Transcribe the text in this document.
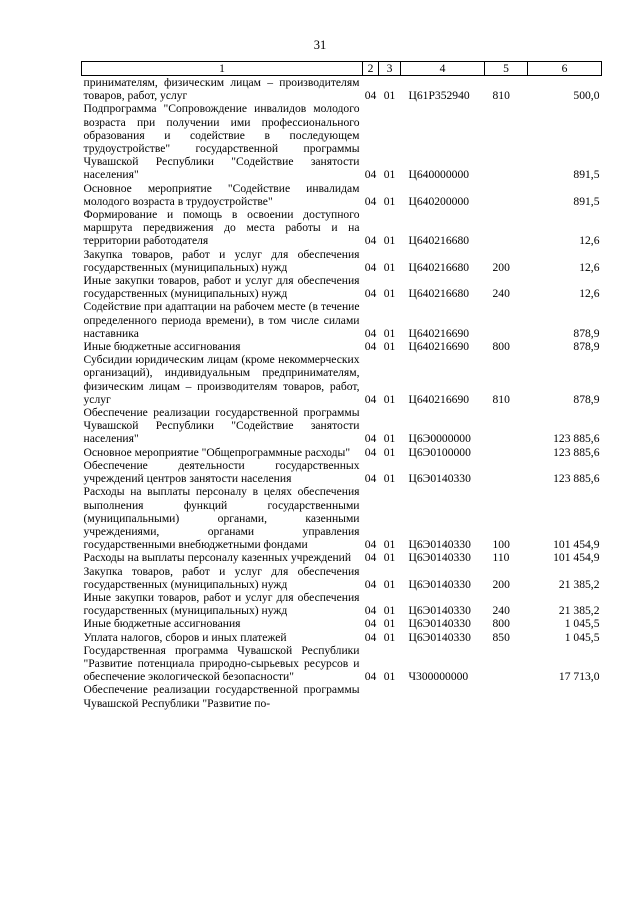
31
1	2	3	4	5	6
принимателям, физическим лицам – производителям товаров, работ, услуг	04	01	Ц61Р352940	810	500,0
Подпрограмма "Сопровождение инвалидов молодого возраста при получении ими профессионального образования и содействие в последующем трудоустройстве" государственной программы Чувашской Республики "Содействие занятости населения"	04	01	Ц640000000		891,5
Основное мероприятие "Содействие инвалидам молодого возраста в трудоустройстве"	04	01	Ц640200000		891,5
Формирование и помощь в освоении доступного маршрута передвижения до места работы и на территории работодателя	04	01	Ц640216680		12,6
Закупка товаров, работ и услуг для обеспечения государственных (муниципальных) нужд	04	01	Ц640216680	200	12,6
Иные закупки товаров, работ и услуг для обеспечения государственных (муниципальных) нужд	04	01	Ц640216680	240	12,6
Содействие при адаптации на рабочем месте (в течение определенного периода времени), в том числе силами наставника	04	01	Ц640216690		878,9
Иные бюджетные ассигнования	04	01	Ц640216690	800	878,9
Субсидии юридическим лицам (кроме некоммерческих организаций), индивидуальным предпринимателям, физическим лицам – производителям товаров, работ, услуг	04	01	Ц640216690	810	878,9
Обеспечение реализации государственной программы Чувашской Республики "Содействие занятости населения"	04	01	Ц6Э0000000		123 885,6
Основное мероприятие "Общепрограммные расходы"	04	01	Ц6Э0100000		123 885,6
Обеспечение деятельности государственных учреждений центров занятости населения	04	01	Ц6Э0140330		123 885,6
Расходы на выплаты персоналу в целях обеспечения выполнения функций государственными (муниципальными) органами, казенными учреждениями, органами управления государственными внебюджетными фондами	04	01	Ц6Э0140330	100	101 454,9
Расходы на выплаты персоналу казенных учреждений	04	01	Ц6Э0140330	110	101 454,9
Закупка товаров, работ и услуг для обеспечения государственных (муниципальных) нужд	04	01	Ц6Э0140330	200	21 385,2
Иные закупки товаров, работ и услуг для обеспечения государственных (муниципальных) нужд	04	01	Ц6Э0140330	240	21 385,2
Иные бюджетные ассигнования	04	01	Ц6Э0140330	800	1 045,5
Уплата налогов, сборов и иных платежей	04	01	Ц6Э0140330	850	1 045,5
Государственная программа Чувашской Республики "Развитие потенциала природно-сырьевых ресурсов и обеспечение экологической безопасности"	04	01	Ч300000000		17 713,0
Обеспечение реализации государственной программы Чувашской Республики "Развитие по-					
